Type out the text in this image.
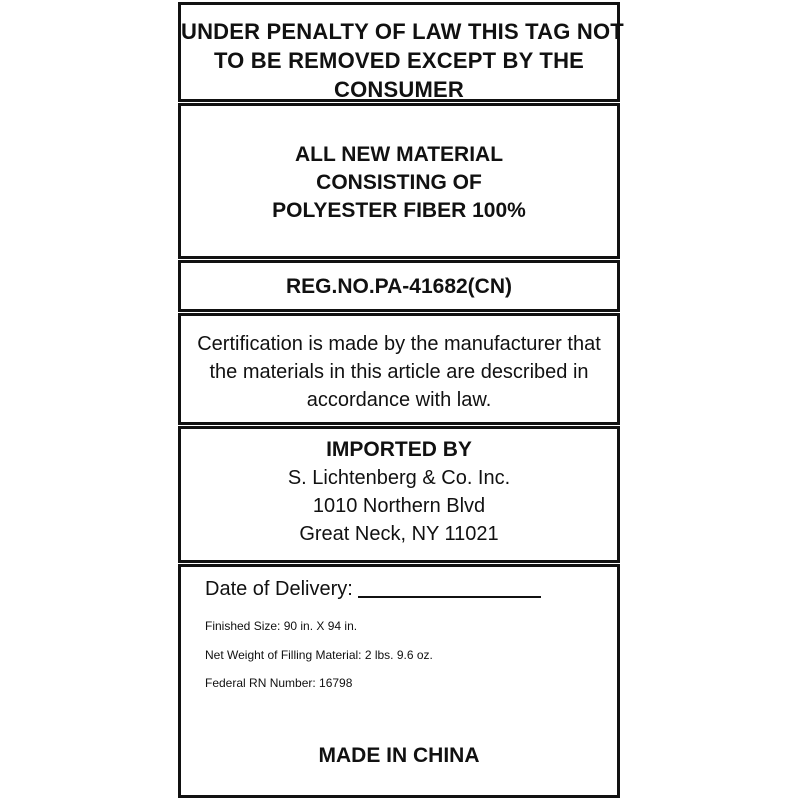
UNDER PENALTY OF LAW THIS TAG NOT
TO BE REMOVED EXCEPT BY THE
CONSUMER
ALL NEW MATERIAL
CONSISTING OF
POLYESTER FIBER 100%
REG.NO.PA-41682(CN)
Certification is made by the manufacturer that
the materials in this article are described in
accordance with law.
IMPORTED BY
S. Lichtenberg & Co. Inc.
1010 Northern Blvd
Great Neck, NY 11021
Date of Delivery:
Finished Size: 90 in. X 94 in.
Net Weight of Filling Material: 2 lbs. 9.6 oz.
Federal RN Number: 16798
MADE IN CHINA
